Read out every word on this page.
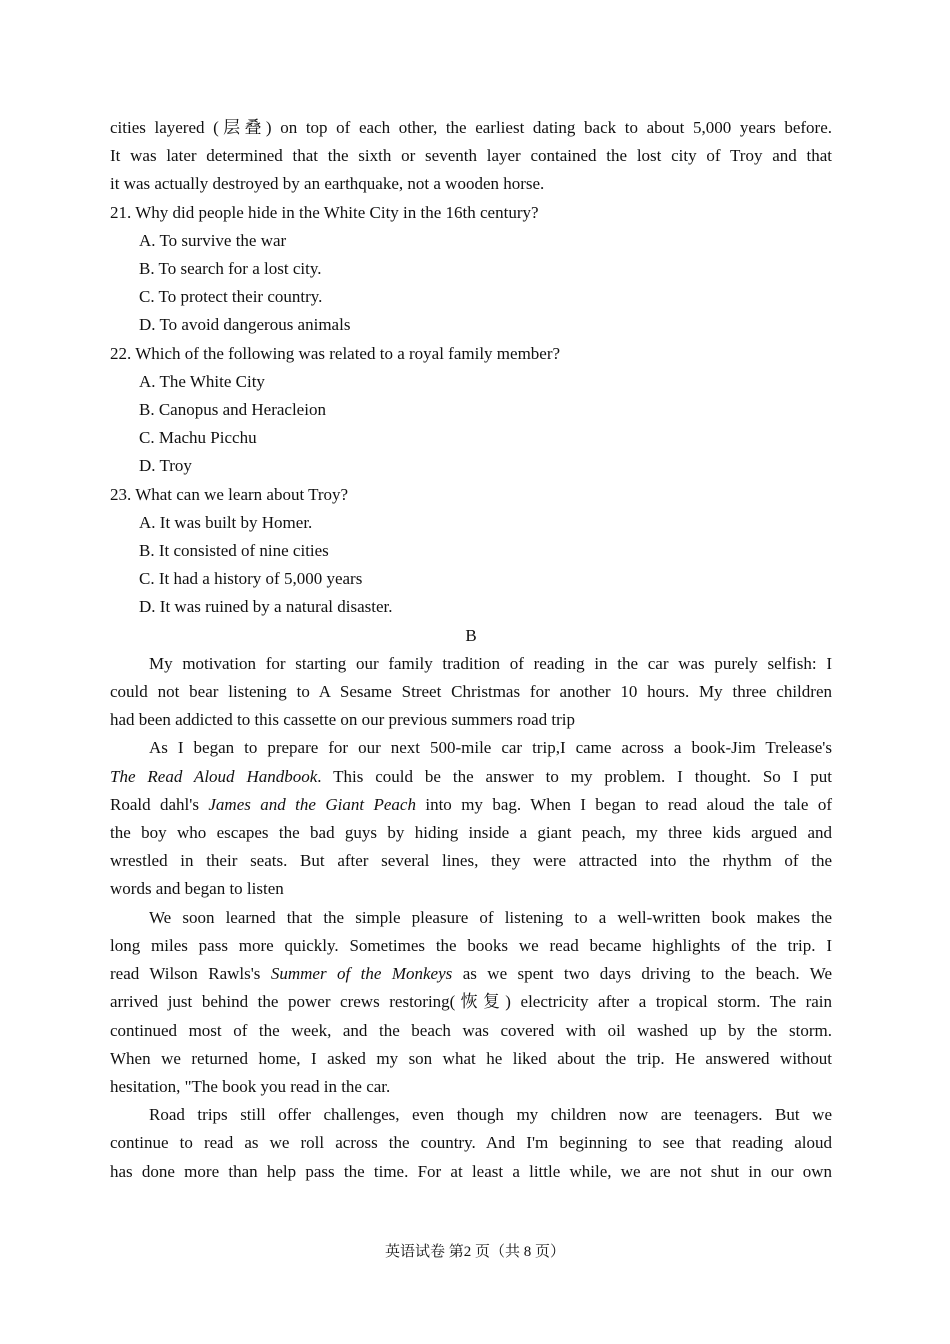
cities layered (层叠) on top of each other, the earliest dating back to about 5,000 years before.

It was later determined that the sixth or seventh layer contained the lost city of Troy and that

it was actually destroyed by an earthquake, not a wooden horse.

21. Why did people hide in the White City in the 16th century?

A. To survive the war

B. To search for a lost city.

C. To protect their country.

D. To avoid dangerous animals

22. Which of the following was related to a royal family member?

A. The White City

B. Canopus and Heracleion

C. Machu Picchu

D. Troy

23. What can we learn about Troy?

A. It was built by Homer.

B. It consisted of nine cities

C. It had a history of 5,000 years

D. It was ruined by a natural disaster.

B

My motivation for starting our family tradition of reading in the car was purely selfish: I

could not bear listening to A Sesame Street Christmas for another 10 hours. My three children

had been addicted to this cassette on our previous summers road trip

As I began to prepare for our next 500-mile car trip,I came across a book-Jim Trelease's

The Read Aloud Handbook. This could be the answer to my problem. I thought. So I put

Roald dahl's James and the Giant Peach into my bag. When I began to read aloud the tale of

the boy who escapes the bad guys by hiding inside a giant peach, my three kids argued and

wrestled in their seats. But after several lines, they were attracted into the rhythm of the

words and began to listen

We soon learned that the simple pleasure of listening to a well-written book makes the

long miles pass more quickly. Sometimes the books we read became highlights of the trip. I

read Wilson Rawls's Summer of the Monkeys as we spent two days driving to the beach. We

arrived just behind the power crews restoring(恢复) electricity after a tropical storm. The rain

continued most of the week, and the beach was covered with oil washed up by the storm.

When we returned home, I asked my son what he liked about the trip. He answered without

hesitation, "The book you read in the car.

Road trips still offer challenges, even though my children now are teenagers. But we

continue to read as we roll across the country. And I'm beginning to see that reading aloud

has done more than help pass the time. For at least a little while, we are not shut in our own

英语试卷 第2 页（共 8 页）
